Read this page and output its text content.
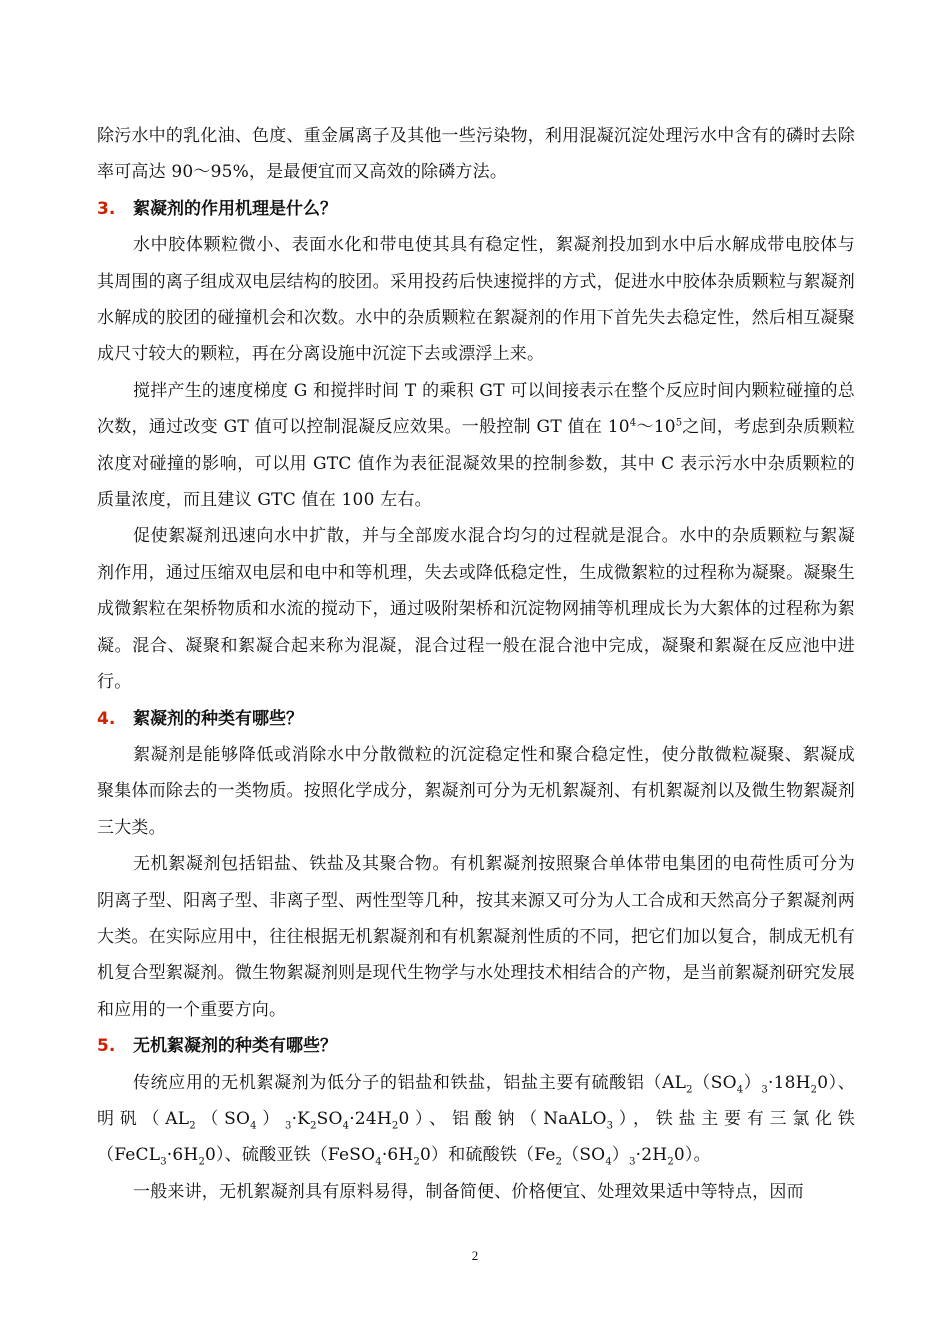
除污水中的乳化油、色度、重金属离子及其他一些污染物，利用混凝沉淀处理污水中含有的磷时去除率可高达 90～95%，是最便宜而又高效的除磷方法。

3.	絮凝剂的作用机理是什么？

水中胶体颗粒微小、表面水化和带电使其具有稳定性，絮凝剂投加到水中后水解成带电胶体与其周围的离子组成双电层结构的胶团。采用投药后快速搅拌的方式，促进水中胶体杂质颗粒与絮凝剂水解成的胶团的碰撞机会和次数。水中的杂质颗粒在絮凝剂的作用下首先失去稳定性，然后相互凝聚成尺寸较大的颗粒，再在分离设施中沉淀下去或漂浮上来。

搅拌产生的速度梯度 G 和搅拌时间 T 的乘积 GT 可以间接表示在整个反应时间内颗粒碰撞的总次数，通过改变 GT 值可以控制混凝反应效果。一般控制 GT 值在 $10^4\sim 10^5$之间，考虑到杂质颗粒浓度对碰撞的影响，可以用 GTC 值作为表征混凝效果的控制参数，其中 C 表示污水中杂质颗粒的质量浓度，而且建议 GTC 值在 100 左右。

促使絮凝剂迅速向水中扩散，并与全部废水混合均匀的过程就是混合。水中的杂质颗粒与絮凝剂作用，通过压缩双电层和电中和等机理，失去或降低稳定性，生成微絮粒的过程称为凝聚。凝聚生成微絮粒在架桥物质和水流的搅动下，通过吸附架桥和沉淀物网捕等机理成长为大絮体的过程称为絮凝。混合、凝聚和絮凝合起来称为混凝，混合过程一般在混合池中完成，凝聚和絮凝在反应池中进行。

4.	絮凝剂的种类有哪些？

絮凝剂是能够降低或消除水中分散微粒的沉淀稳定性和聚合稳定性，使分散微粒凝聚、絮凝成聚集体而除去的一类物质。按照化学成分，絮凝剂可分为无机絮凝剂、有机絮凝剂以及微生物絮凝剂三大类。

无机絮凝剂包括铝盐、铁盐及其聚合物。有机絮凝剂按照聚合单体带电集团的电荷性质可分为阴离子型、阳离子型、非离子型、两性型等几种，按其来源又可分为人工合成和天然高分子絮凝剂两大类。在实际应用中，往往根据无机絮凝剂和有机絮凝剂性质的不同，把它们加以复合，制成无机有机复合型絮凝剂。微生物絮凝剂则是现代生物学与水处理技术相结合的产物，是当前絮凝剂研究发展和应用的一个重要方向。

5.	无机絮凝剂的种类有哪些？

传统应用的无机絮凝剂为低分子的铝盐和铁盐，铝盐主要有硫酸铝$(AL_2(SO_4)_3\cdot 18H_20)$、明矾$(AL_2(SO_4)_3\cdot K_2SO_4\cdot 24H_20)$、铝酸钠（NaALO$_3$），铁盐主要有三氯化铁$(FeCL_3\cdot 6H_20)$、硫酸亚铁$(FeSO_4\cdot 6H_20)$和硫酸铁$(Fe_2(SO_4)_3\cdot 2H_20)$。

一般来讲，无机絮凝剂具有原料易得，制备简便、价格便宜、处理效果适中等特点，因而

2
